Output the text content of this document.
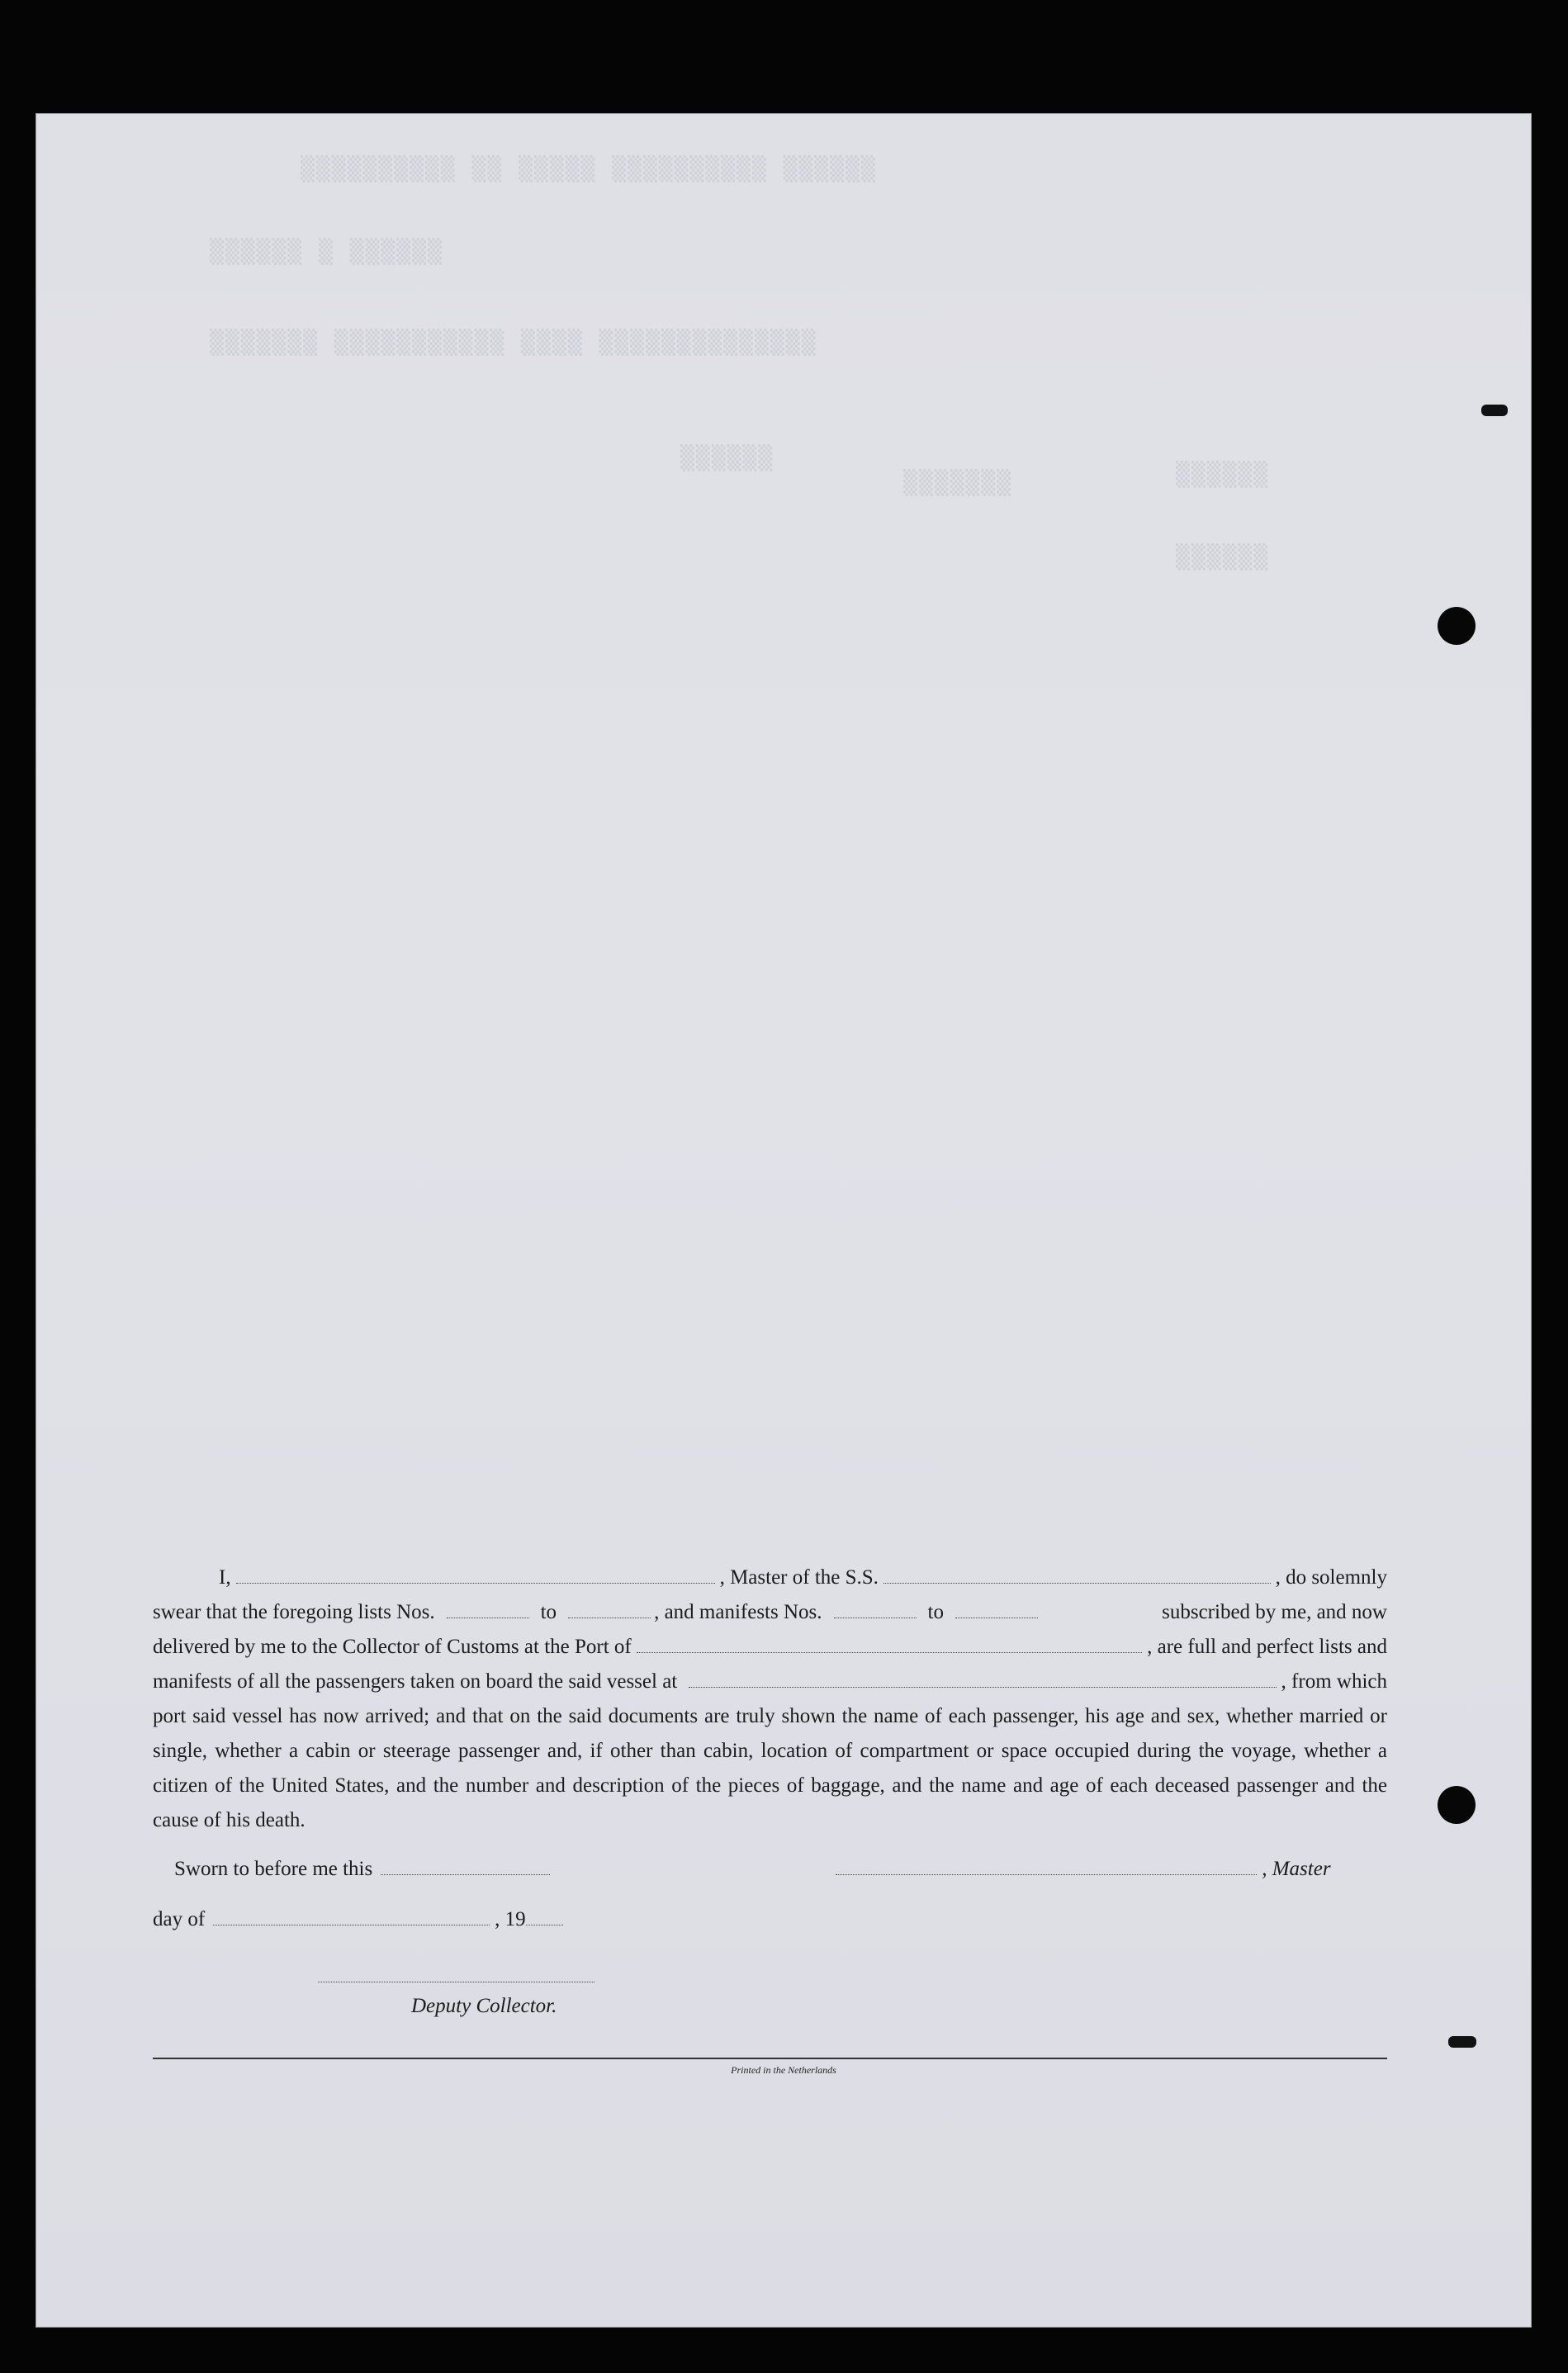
▒▒▒▒▒▒▒▒▒▒ ▒▒ ▒▒▒▒▒ ▒▒▒▒▒▒▒▒▒▒ ▒▒▒▒▒▒
▒▒▒▒▒▒ ▒ ▒▒▒▒▒▒
▒▒▒▒▒▒▒ ▒▒▒▒▒▒▒▒▒▒▒ ▒▒▒▒ ▒▒▒▒▒▒▒▒▒▒▒▒▒▒
▒▒▒▒▒▒
▒▒▒▒▒▒▒	▒▒▒▒▒▒
▒▒▒▒▒▒
I,	, Master of the S.S.	, do solemnly
swear that the foregoing lists Nos.	to	, and manifests Nos.	to	subscribed by me, and now
delivered by me to the Collector of Customs at the Port of	, are full and perfect lists and
manifests of all the passengers taken on board the said vessel at	, from which
port said vessel has now arrived; and that on the said documents are truly shown the name of each passenger, his age and sex, whether married or single, whether a cabin or steerage passenger and, if other than cabin, location of compartment or space occupied during the voyage, whether a citizen of the United States, and the number and description of the pieces of baggage, and the name and age of each deceased passenger and the cause of his death.
Sworn to before me this	, Master
day of	, 19
Deputy Collector.
Printed in the Netherlands
